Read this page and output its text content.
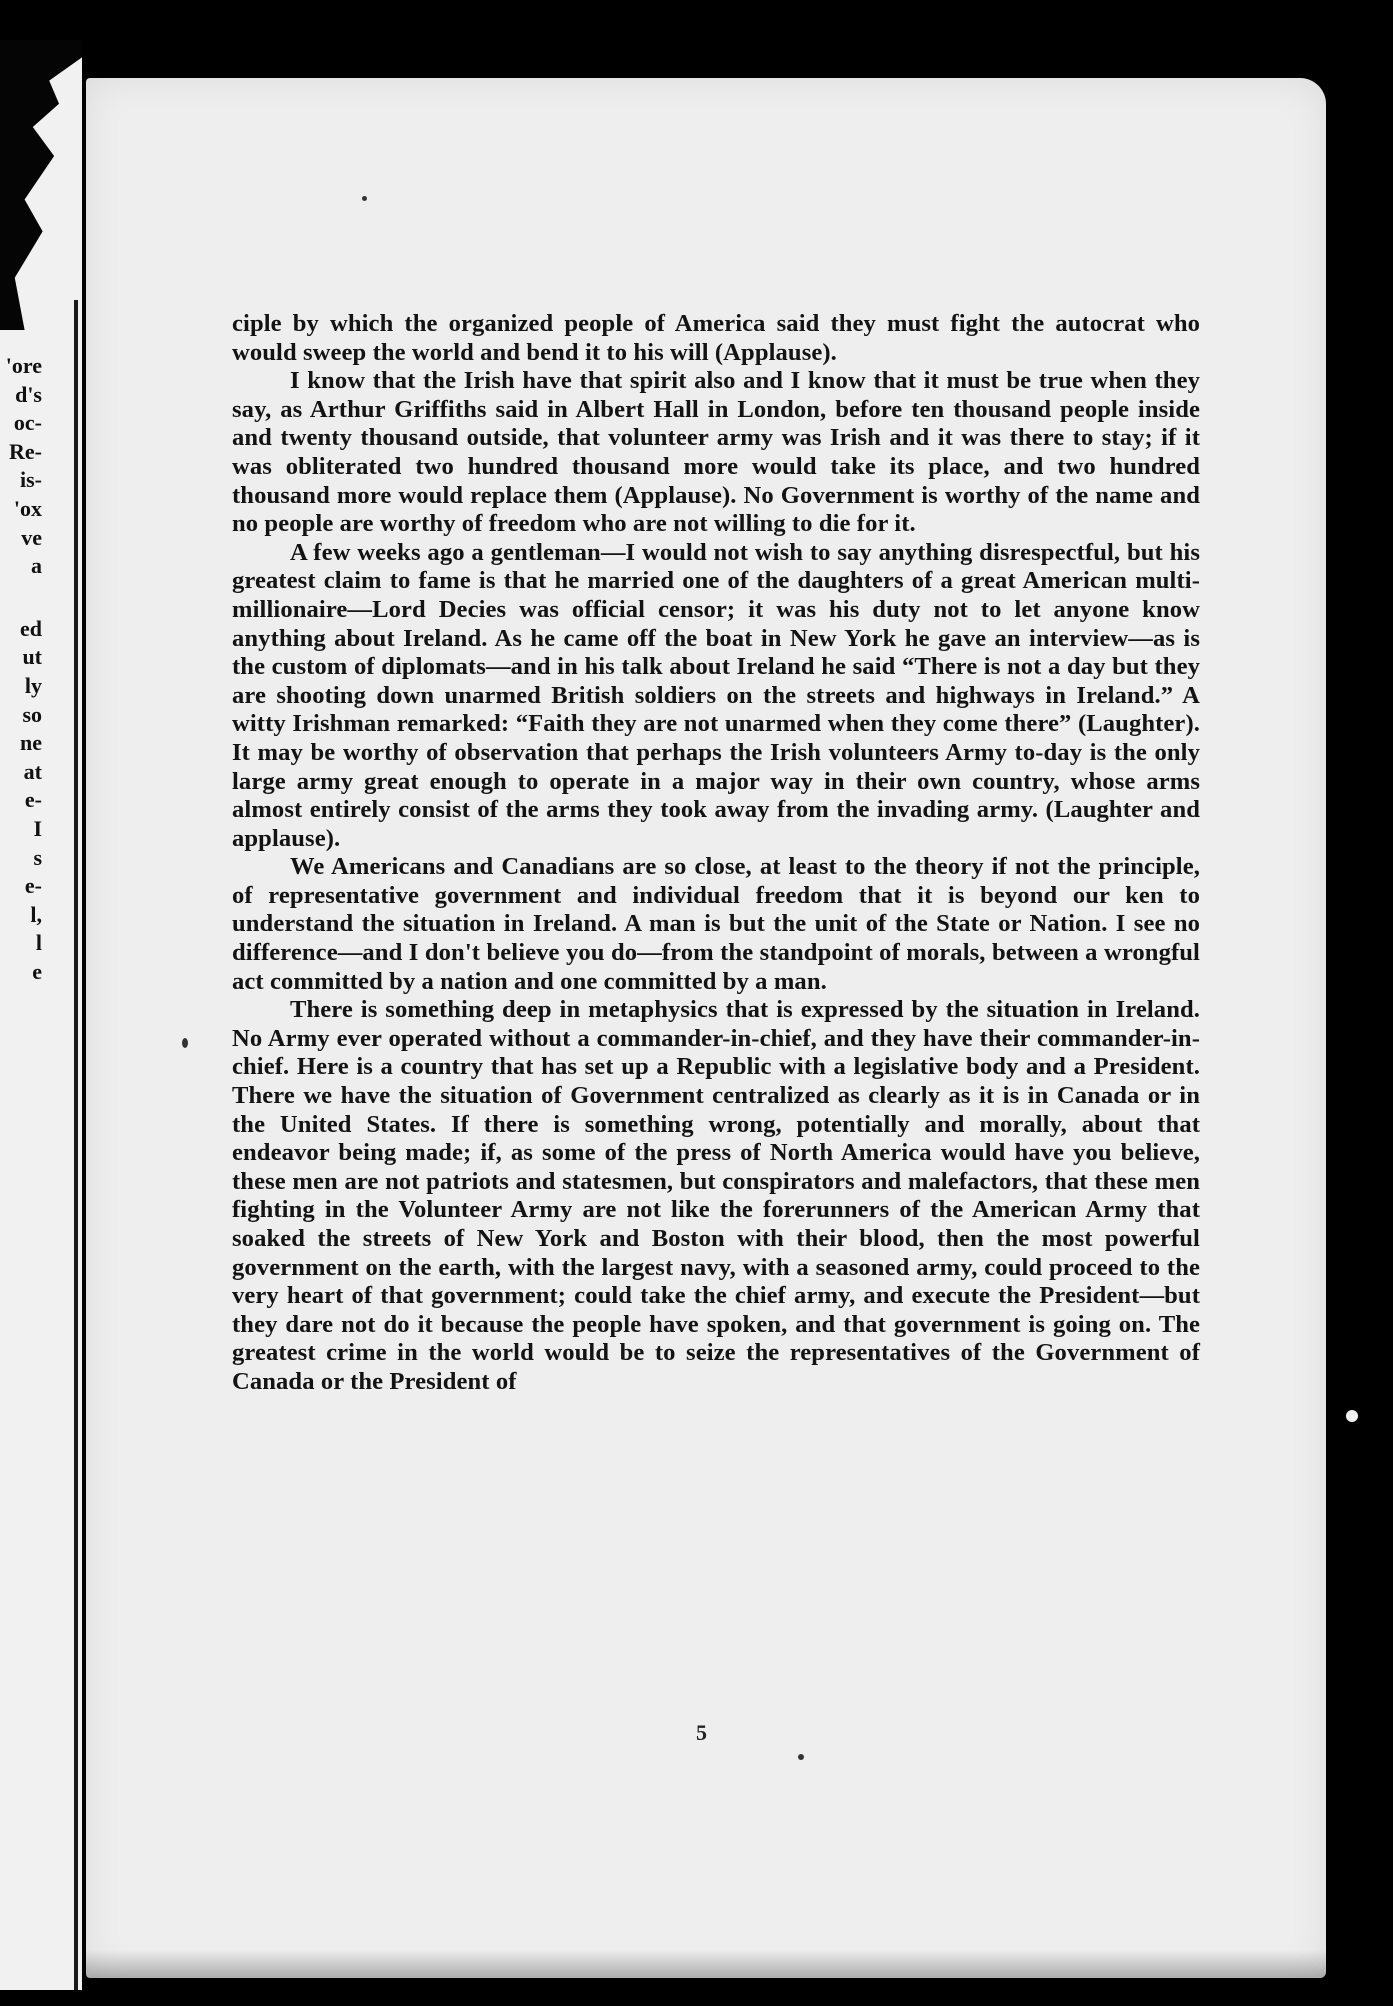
'ore
d's
oc-
Re-
is-
'ox
ve
a
ed
ut
ly
so
ne
at
e-
I
s
e-
l,
l
e

ciple by which the organized people of America said they must fight the autocrat who would sweep the world and bend it to his will (Applause).

I know that the Irish have that spirit also and I know that it must be true when they say, as Arthur Griffiths said in Albert Hall in London, before ten thousand people inside and twenty thousand outside, that volunteer army was Irish and it was there to stay; if it was obliterated two hundred thousand more would take its place, and two hundred thousand more would replace them (Applause). No Government is worthy of the name and no people are worthy of freedom who are not willing to die for it.

A few weeks ago a gentleman—I would not wish to say anything disrespectful, but his greatest claim to fame is that he married one of the daughters of a great American multi-millionaire—Lord Decies was official censor; it was his duty not to let anyone know anything about Ireland. As he came off the boat in New York he gave an interview—as is the custom of diplomats—and in his talk about Ireland he said “There is not a day but they are shooting down unarmed British soldiers on the streets and highways in Ireland.” A witty Irishman remarked: “Faith they are not unarmed when they come there” (Laughter). It may be worthy of observation that perhaps the Irish volunteers Army to-day is the only large army great enough to operate in a major way in their own country, whose arms almost entirely consist of the arms they took away from the invading army. (Laughter and applause).

We Americans and Canadians are so close, at least to the theory if not the principle, of representative government and individual freedom that it is beyond our ken to understand the situation in Ireland. A man is but the unit of the State or Nation. I see no difference—and I don't believe you do—from the standpoint of morals, between a wrongful act committed by a nation and one committed by a man.

There is something deep in metaphysics that is expressed by the situation in Ireland. No Army ever operated without a commander-in-chief, and they have their commander-in-chief. Here is a country that has set up a Republic with a legislative body and a President. There we have the situation of Government centralized as clearly as it is in Canada or in the United States. If there is something wrong, potentially and morally, about that endeavor being made; if, as some of the press of North America would have you believe, these men are not patriots and statesmen, but conspirators and malefactors, that these men fighting in the Volunteer Army are not like the forerunners of the American Army that soaked the streets of New York and Boston with their blood, then the most powerful government on the earth, with the largest navy, with a seasoned army, could proceed to the very heart of that government; could take the chief army, and execute the President—but they dare not do it because the people have spoken, and that government is going on. The greatest crime in the world would be to seize the representatives of the Government of Canada or the President of

5
